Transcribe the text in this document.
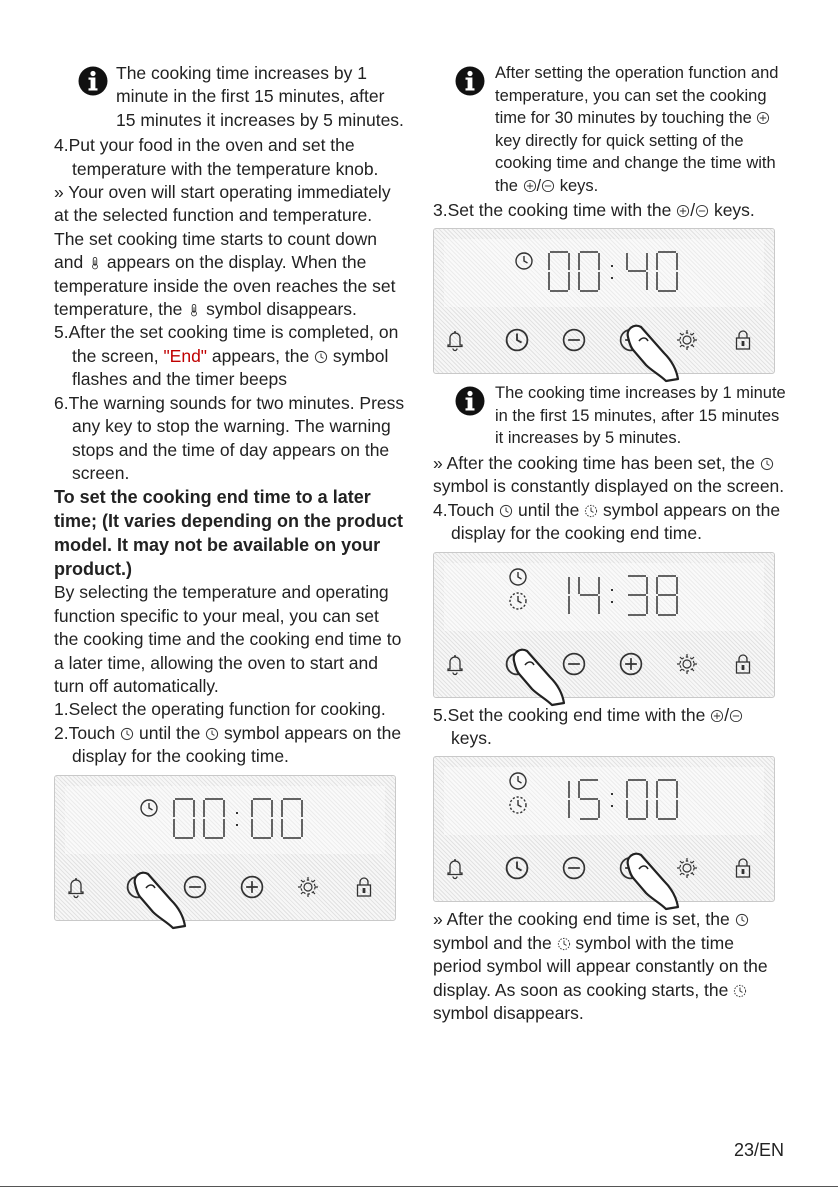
The cooking time increases by 1 minute in the first 15 minutes, after 15 minutes it increases by 5 minutes.

4.Put your food in the oven and set the temperature with the temperature knob.

» Your oven will start operating immediately at the selected function and temperature. The set cooking time starts to count down and
appears on the display. When the temperature inside the oven reaches the set temperature, the
symbol disappears.

5.After the set cooking time is completed, on the screen, "End" appears, the
symbol flashes and the timer beeps

6.The warning sounds for two minutes. Press any key to stop the warning. The warning stops and the time of day appears on the screen.

To set the cooking end time to a later time; (It varies depending on the product model. It may not be available on your product.)

By selecting the temperature and operating function specific to your meal, you can set the cooking time and the cooking end time to a later time, allowing the oven to start and turn off automatically.

1.Select the operating function for cooking.

2.Touch
until the
symbol appears on the display for the cooking time.

After setting the operation function and temperature, you can set the cooking time for 30 minutes by touching the
key directly for quick setting of the cooking time and change the time with the
/
keys.

3.Set the cooking time with the
/
keys.

The cooking time increases by 1 minute in the first 15 minutes, after 15 minutes it increases by 5 minutes.

» After the cooking time has been set, the
symbol is constantly displayed on the screen.

4.Touch
until the
symbol appears on the display for the cooking end time.

5.Set the cooking end time with the
/
keys.

» After the cooking end time is set, the
symbol and the
symbol with the time period symbol will appear constantly on the display. As soon as cooking starts, the
symbol disappears.

23/EN
